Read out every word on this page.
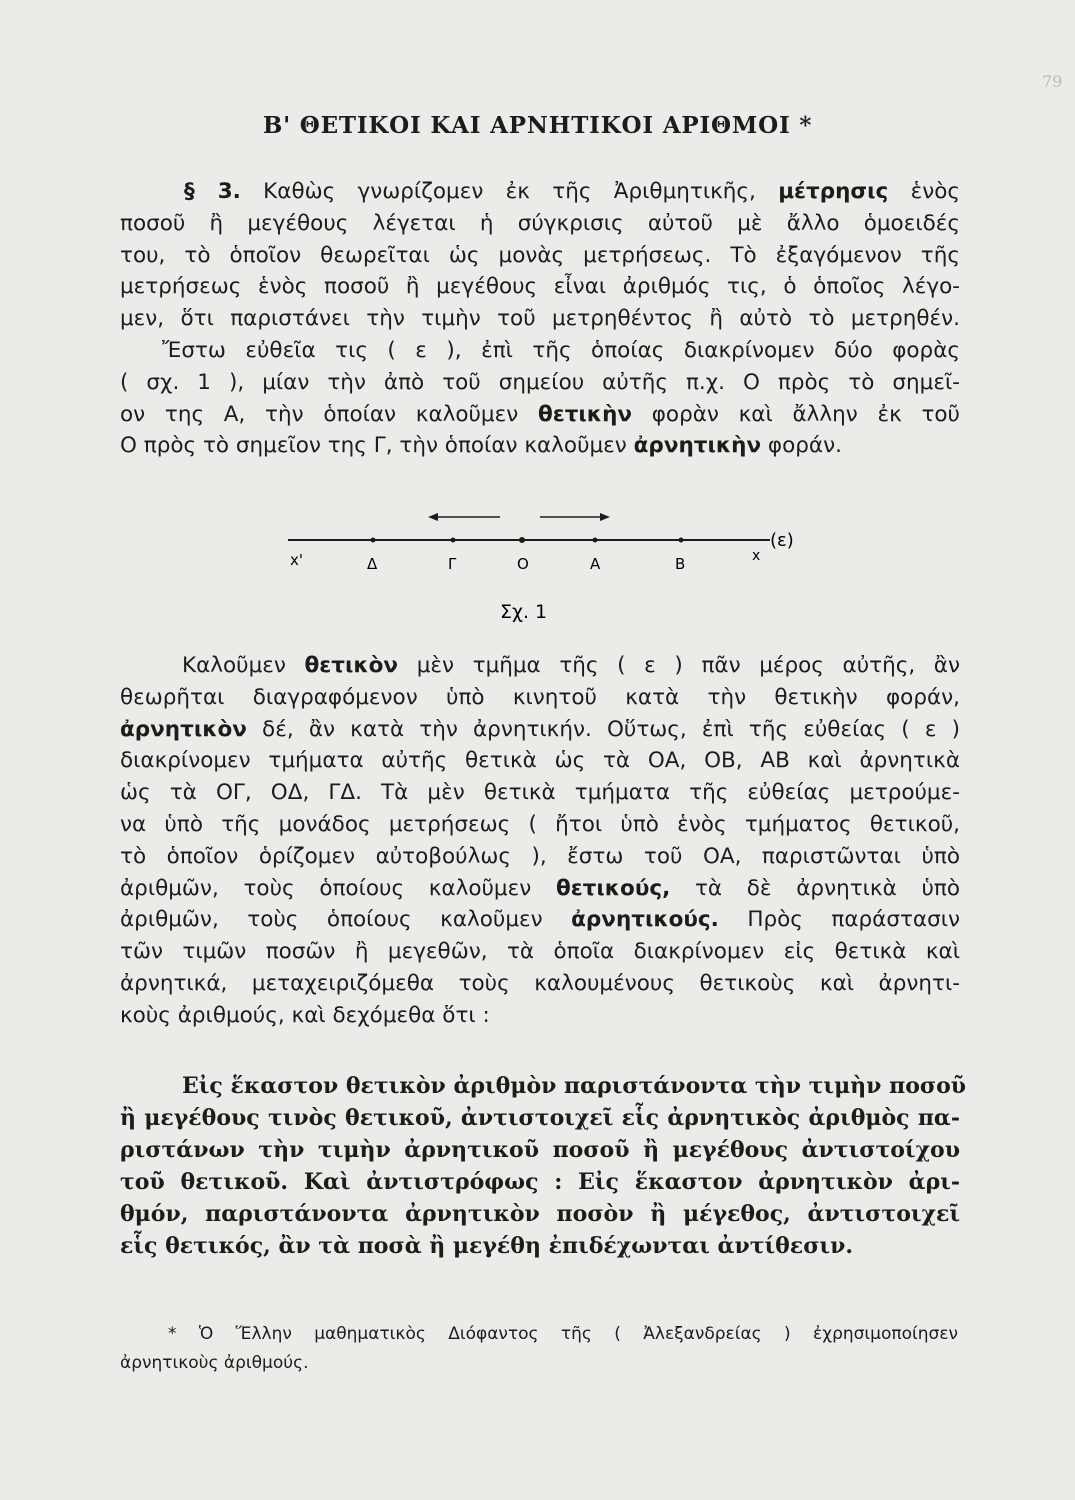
79
Β' ΘΕΤΙΚΟΙ ΚΑΙ ΑΡΝΗΤΙΚΟΙ ΑΡΙΘΜΟΙ *
§ 3. Καθὼς γνωρίζομεν ἐκ τῆς Ἀριθμητικῆς, μέτρησις ἑνὸς
ποσοῦ ἢ μεγέθους λέγεται ἡ σύγκρισις αὐτοῦ μὲ ἄλλο ὁμοειδές
του, τὸ ὁποῖον θεωρεῖται ὡς μονὰς μετρήσεως. Τὸ ἐξαγόμενον τῆς
μετρήσεως ἑνὸς ποσοῦ ἢ μεγέθους εἶναι ἀριθμός τις, ὁ ὁποῖος λέγο-
μεν, ὅτι παριστάνει τὴν τιμὴν τοῦ μετρηθέντος ἢ αὐτὸ τὸ μετρηθέν.
Ἔστω εὐθεῖα τις ( ε ), ἐπὶ τῆς ὁποίας διακρίνομεν δύο φορὰς
( σχ. 1 ), μίαν τὴν ἀπὸ τοῦ σημείου αὐτῆς π.χ. Ο πρὸς τὸ σημεῖ-
ον της Α, τὴν ὁποίαν καλοῦμεν θετικὴν φορὰν καὶ ἄλλην ἐκ τοῦ
Ο πρὸς τὸ σημεῖον της Γ, τὴν ὁποίαν καλοῦμεν ἀρνητικὴν φοράν.
(ε)
x'	Δ	Γ	Ο	Α	Β	x
Σχ. 1
Καλοῦμεν θετικὸν μὲν τμῆμα τῆς ( ε ) πᾶν μέρος αὐτῆς, ἂν
θεωρῆται διαγραφόμενον ὑπὸ κινητοῦ κατὰ τὴν θετικὴν φοράν,
ἀρνητικὸν δέ, ἂν κατὰ τὴν ἀρνητικήν. Οὕτως, ἐπὶ τῆς εὐθείας ( ε )
διακρίνομεν τμήματα αὐτῆς θετικὰ ὡς τὰ ΟΑ, ΟΒ, ΑΒ καὶ ἀρνητικὰ
ὡς τὰ ΟΓ, ΟΔ, ΓΔ. Τὰ μὲν θετικὰ τμήματα τῆς εὐθείας μετρούμε-
να ὑπὸ τῆς μονάδος μετρήσεως ( ἤτοι ὑπὸ ἑνὸς τμήματος θετικοῦ,
τὸ ὁποῖον ὁρίζομεν αὐτοβούλως ), ἔστω τοῦ ΟΑ, παριστῶνται ὑπὸ
ἀριθμῶν, τοὺς ὁποίους καλοῦμεν θετικούς, τὰ δὲ ἀρνητικὰ ὑπὸ
ἀριθμῶν, τοὺς ὁποίους καλοῦμεν ἀρνητικούς. Πρὸς παράστασιν
τῶν τιμῶν ποσῶν ἢ μεγεθῶν, τὰ ὁποῖα διακρίνομεν εἰς θετικὰ καὶ
ἀρνητικά, μεταχειριζόμεθα τοὺς καλουμένους θετικοὺς καὶ ἀρνητι-
κοὺς ἀριθμούς, καὶ δεχόμεθα ὅτι :
Εἰς ἕκαστον θετικὸν ἀριθμὸν παριστάνοντα τὴν τιμὴν ποσοῦ
ἢ μεγέθους τινὸς θετικοῦ, ἀντιστοιχεῖ εἷς ἀρνητικὸς ἀριθμὸς πα-
ριστάνων τὴν τιμὴν ἀρνητικοῦ ποσοῦ ἢ μεγέθους ἀντιστοίχου
τοῦ θετικοῦ. Καὶ ἀντιστρόφως : Εἰς ἕκαστον ἀρνητικὸν ἀρι-
θμόν, παριστάνοντα ἀρνητικὸν ποσὸν ἢ μέγεθος, ἀντιστοιχεῖ
εἷς θετικός, ἂν τὰ ποσὰ ἢ μεγέθη ἐπιδέχωνται ἀντίθεσιν.
* Ὁ Ἕλλην μαθηματικὸς Διόφαντος τῆς ( Ἀλεξανδρείας ) ἐχρησιμοποίησεν
ἀρνητικοὺς ἀριθμούς.
